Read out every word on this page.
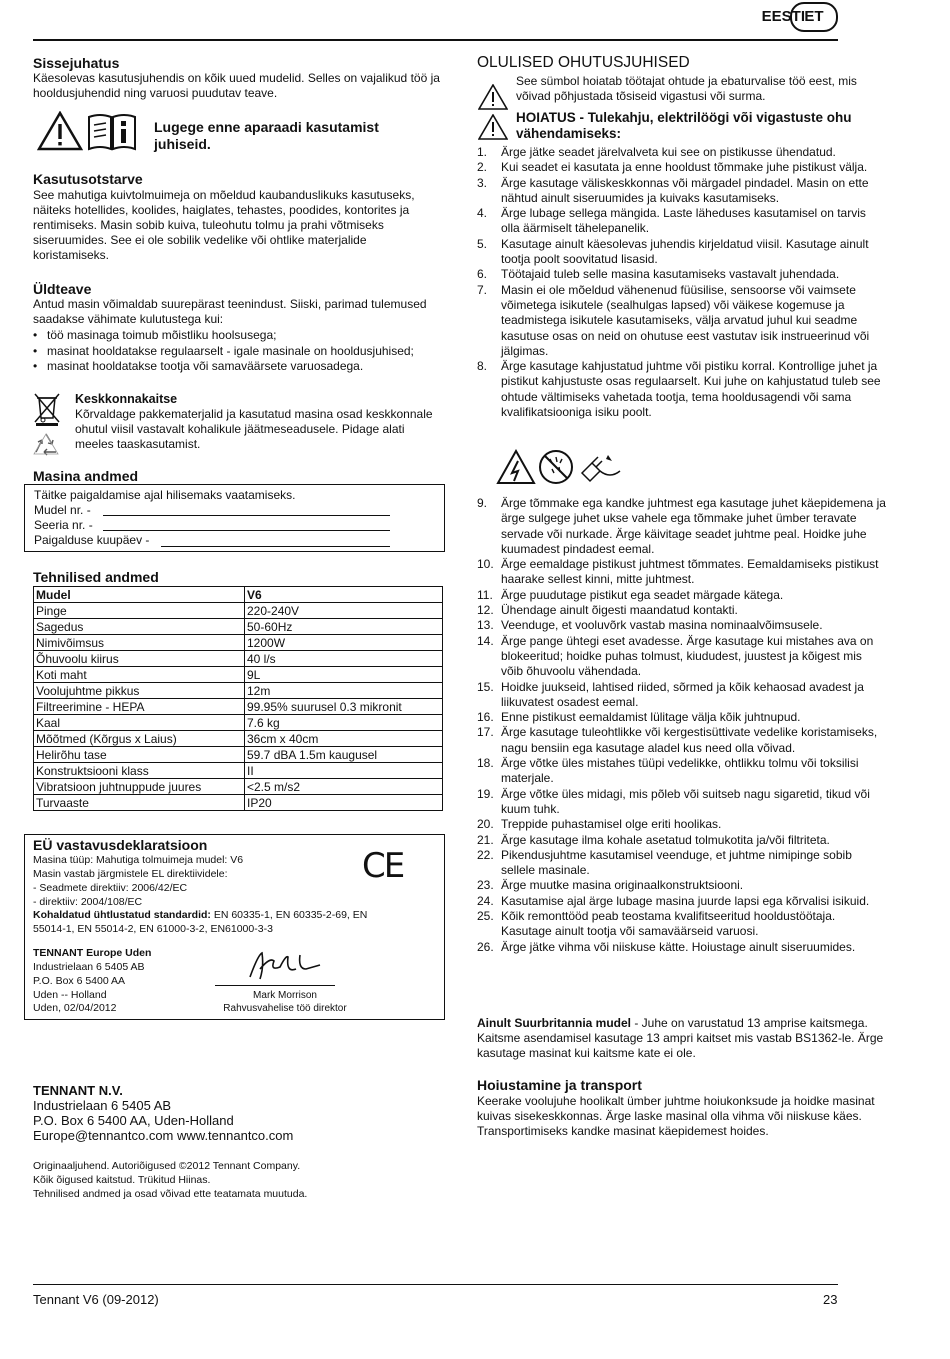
EESTI ET
Sissejuhatus
Käesolevas kasutusjuhendis on kõik uued mudelid. Selles on vajalikud töö ja hooldusjuhendid ning varuosi puudutav teave.
Lugege enne aparaadi kasutamist juhiseid.
Kasutusotstarve
See mahutiga kuivtolmuimeja on mõeldud kaubanduslikuks kasutuseks, näiteks hotellides, koolides, haiglates, tehastes, poodides, kontorites ja rentimiseks. Masin sobib kuiva, tuleohutu tolmu ja prahi võtmiseks siseruumides. See ei ole sobilik vedelike või ohtlike materjalide koristamiseks.
Üldteave
Antud masin võimaldab suurepärast teenindust. Siiski, parimad tulemused saadakse vähimate kulutustega kui:
• töö masinaga toimub mõistliku hoolsusega;
• masinat hooldatakse regulaarselt - igale masinale on hooldusjuhised;
• masinat hooldatakse tootja või samaväärsete varuosadega.
Keskkonnakaitse
Kõrvaldage pakkematerjalid ja kasutatud masina osad keskkonnale ohutul viisil vastavalt kohalikule jäätmeseadusele. Pidage alati meeles taaskasutamist.
Masina andmed
Täitke paigaldamise ajal hilisemaks vaatamiseks.
Mudel nr. -
Seeria nr. -
Paigalduse kuupäev -
Tehnilised andmed
Mudel	V6
Pinge	220-240V
Sagedus	50-60Hz
Nimivõimsus	1200W
Õhuvoolu kiirus	40 l/s
Koti maht	9L
Voolujuhtme pikkus	12m
Filtreerimine - HEPA	99.95% suurusel 0.3 mikronit
Kaal	7.6 kg
Mõõtmed (Kõrgus x Laius)	36cm x 40cm
Helirõhu tase	59.7 dBA 1.5m kaugusel
Konstruktsiooni klass	II
Vibratsioon juhtnuppude juures	<2.5 m/s2
Turvaaste	IP20
EÜ vastavusdeklaratsioon
Masina tüüp: Mahutiga tolmuimeja mudel: V6
Masin vastab järgmistele EL direktiividele:
- Seadmete direktiiv: 2006/42/EC
- direktiiv: 2004/108/EC
Kohaldatud ühtlustatud standardid: EN 60335-1, EN 60335-2-69, EN 55014-1, EN 55014-2, EN 61000-3-2, EN61000-3-3
TENNANT Europe Uden
Industrielaan 6 5405 AB
P.O. Box 6 5400 AA
Uden -- Holland
Uden, 02/04/2012
CE
Mark Morrison
Rahvusvahelise töö direktor
TENNANT N.V.
Industrielaan 6 5405 AB
P.O. Box 6 5400 AA, Uden-Holland
Europe@tennantco.com www.tennantco.com
Originaaljuhend. Autoriõigused ©2012 Tennant Company.
Kõik õigused kaitstud. Trükitud Hiinas.
Tehnilised andmed ja osad võivad ette teatamata muutuda.
OLULISED OHUTUSJUHISED
See sümbol hoiatab töötajat ohtude ja ebaturvalise töö eest, mis võivad põhjustada tõsiseid vigastusi või surma.
HOIATUS - Tulekahju, elektrilöögi või vigastuste ohu vähendamiseks:
1. Ärge jätke seadet järelvalveta kui see on pistikusse ühendatud.
2. Kui seadet ei kasutata ja enne hooldust tõmmake juhe pistikust välja.
3. Ärge kasutage väliskeskkonnas või märgadel pindadel. Masin on ette nähtud ainult siseruumides ja kuivaks kasutamiseks.
4. Ärge lubage sellega mängida. Laste läheduses kasutamisel on tarvis olla äärmiselt tähelepanelik.
5. Kasutage ainult käesolevas juhendis kirjeldatud viisil. Kasutage ainult tootja poolt soovitatud lisasid.
6. Töötajaid tuleb selle masina kasutamiseks vastavalt juhendada.
7. Masin ei ole mõeldud vähenenud füüsilise, sensoorse või vaimsete võimetega isikutele (sealhulgas lapsed) või väikese kogemuse ja teadmistega isikutele kasutamiseks, välja arvatud juhul kui seadme kasutuse osas on neid on ohutuse eest vastutav isik instrueerinud või jälgimas.
8. Ärge kasutage kahjustatud juhtme või pistiku korral. Kontrollige juhet ja pistikut kahjustuste osas regulaarselt. Kui juhe on kahjustatud tuleb see ohtude vältimiseks vahetada tootja, tema hooldusagendi või sama kvalifikatsiooniga isiku poolt.
9. Ärge tõmmake ega kandke juhtmest ega kasutage juhet käepidemena ja ärge sulgege juhet ukse vahele ega tõmmake juhet ümber teravate servade või nurkade. Ärge käivitage seadet juhtme peal. Hoidke juhe kuumadest pindadest eemal.
10. Ärge eemaldage pistikust juhtmest tõmmates. Eemaldamiseks pistikust haarake sellest kinni, mitte juhtmest.
11. Ärge puudutage pistikut ega seadet märgade kätega.
12. Ühendage ainult õigesti maandatud kontakti.
13. Veenduge, et vooluvõrk vastab masina nominaalvõimsusele.
14. Ärge pange ühtegi eset avadesse. Ärge kasutage kui mistahes ava on blokeeritud; hoidke puhas tolmust, kiududest, juustest ja kõigest mis võib õhuvoolu vähendada.
15. Hoidke juukseid, lahtised riided, sõrmed ja kõik kehaosad avadest ja liikuvatest osadest eemal.
16. Enne pistikust eemaldamist lülitage välja kõik juhtnupud.
17. Ärge kasutage tuleohtlikke või kergestisüttivate vedelike koristamiseks, nagu bensiin ega kasutage aladel kus need olla võivad.
18. Ärge võtke üles mistahes tüüpi vedelikke, ohtlikku tolmu või toksilisi materjale.
19. Ärge võtke üles midagi, mis põleb või suitseb nagu sigaretid, tikud või kuum tuhk.
20. Treppide puhastamisel olge eriti hoolikas.
21. Ärge kasutage ilma kohale asetatud tolmukotita ja/või filtriteta.
22. Pikendusjuhtme kasutamisel veenduge, et juhtme nimipinge sobib sellele masinale.
23. Ärge muutke masina originaalkonstruktsiooni.
24. Kasutamise ajal ärge lubage masina juurde lapsi ega kõrvalisi isikuid.
25. Kõik remonttööd peab teostama kvalifitseeritud hooldustöötaja. Kasutage ainult tootja või samaväärseid varuosi.
26. Ärge jätke vihma või niiskuse kätte. Hoiustage ainult siseruumides.
Ainult Suurbritannia mudel - Juhe on varustatud 13 amprise kaitsmega. Kaitsme asendamisel kasutage 13 ampri kaitset mis vastab BS1362-le. Ärge kasutage masinat kui kaitsme kate ei ole.
Hoiustamine ja transport
Keerake voolujuhe hoolikalt ümber juhtme hoiukonksude ja hoidke masinat kuivas sisekeskkonnas. Ärge laske masinal olla vihma või niiskuse käes. Transportimiseks kandke masinat käepidemest hoides.
Tennant V6 (09-2012)	23
